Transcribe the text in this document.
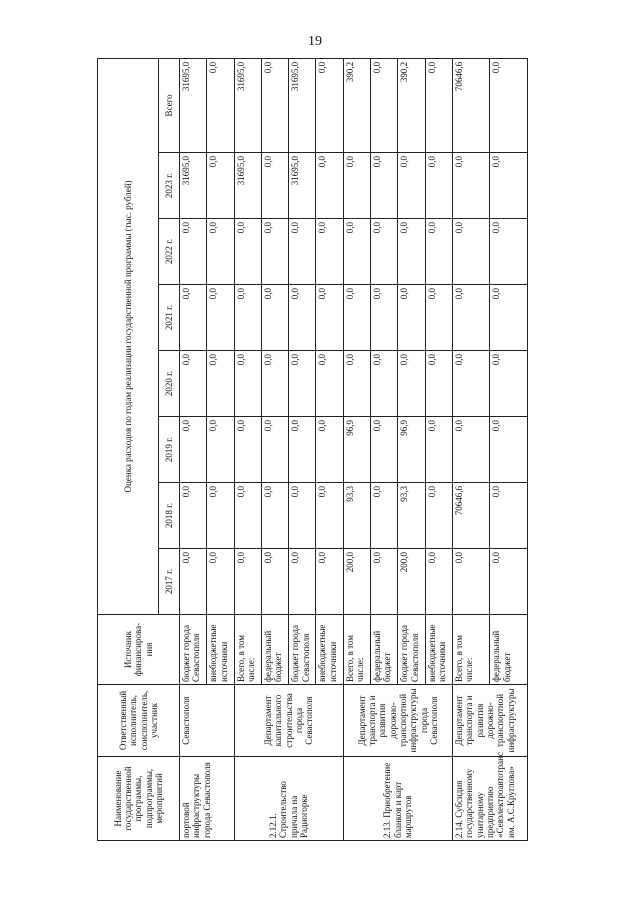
19
Наименование государственной программы, подпрограммы, мероприятий	Ответственный исполнитель, соисполнитель, участник	Источник финансирова-ния	Оценка расходов по годам реализации государственной программы (тыс. рублей)							
			2017 г.	2018 г.	2019 г.	2020 г.	2021 г.	2022 г.	2023 г.	Всего
портовой инфраструктуры города Севастополя	Севастополя	бюджет города Севастополя	0,0	0,0	0,0	0,0	0,0	0,0	31695,0	31695,0
		внебюджетные источники	0,0	0,0	0,0	0,0	0,0	0,0	0,0	0,0
2.12.1. Строительство причала на Радиогорке	Департамент капитального строительства города Севастополя	Всего, в том числе:	0,0	0,0	0,0	0,0	0,0	0,0	31695,0	31695,0
		федеральный бюджет	0,0	0,0	0,0	0,0	0,0	0,0	0,0	0,0
		бюджет города Севастополя	0,0	0,0	0,0	0,0	0,0	0,0	31695,0	31695,0
		внебюджетные источники	0,0	0,0	0,0	0,0	0,0	0,0	0,0	0,0
2.13. Приобретение бланков и карт маршрутов	Департамент транспорта и развития дорожно-транспортной инфраструктуры города Севастополя	Всего, в том числе:	200,0	93,3	96,9	0,0	0,0	0,0	0,0	390,2
		федеральный бюджет	0,0	0,0	0,0	0,0	0,0	0,0	0,0	0,0
		бюджет города Севастополя	200,0	93,3	96,9	0,0	0,0	0,0	0,0	390,2
		внебюджетные источники	0,0	0,0	0,0	0,0	0,0	0,0	0,0	0,0
2.14. Субсидия государственному унитарному предприятию «Севэлектроавтотранс им. А.С.Круглова»	Департамент транспорта и развития дорожно-транспортной инфраструктуры	Всего, в том числе:	0,0	70646,6	0,0	0,0	0,0	0,0	0,0	70646,6
		федеральный бюджет	0,0	0,0	0,0	0,0	0,0	0,0	0,0	0,0
